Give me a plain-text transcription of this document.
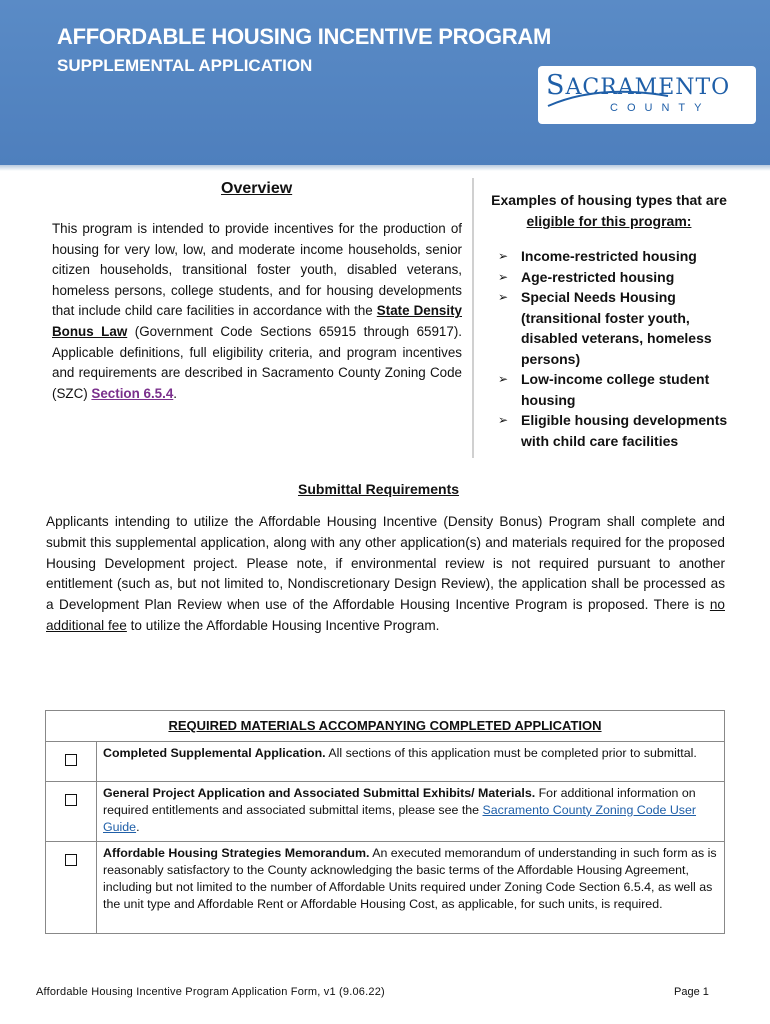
AFFORDABLE HOUSING INCENTIVE PROGRAM
SUPPLEMENTAL APPLICATION
SACRAMENTO
COUNTY
Overview
This program is intended to provide incentives for the production of housing for very low, low, and moderate income households, senior citizen households, transitional foster youth, disabled veterans, homeless persons, college students, and for housing developments that include child care facilities in accordance with the State Density Bonus Law (Government Code Sections 65915 through 65917). Applicable definitions, full eligibility criteria, and program incentives and requirements are described in Sacramento County Zoning Code (SZC) Section 6.5.4.
Examples of housing types that are
eligible for this program:
➢ Income-restricted housing
➢ Age-restricted housing
➢ Special Needs Housing (transitional foster youth, disabled veterans, homeless persons)
➢ Low-income college student housing
➢ Eligible housing developments with child care facilities
Submittal Requirements
Applicants intending to utilize the Affordable Housing Incentive (Density Bonus) Program shall complete and submit this supplemental application, along with any other application(s) and materials required for the proposed Housing Development project. Please note, if environmental review is not required pursuant to another entitlement (such as, but not limited to, Nondiscretionary Design Review), the application shall be processed as a Development Plan Review when use of the Affordable Housing Incentive Program is proposed. There is no additional fee to utilize the Affordable Housing Incentive Program.
REQUIRED MATERIALS ACCOMPANYING COMPLETED APPLICATION	
	Completed Supplemental Application. All sections of this application must be completed prior to submittal.
	General Project Application and Associated Submittal Exhibits/ Materials. For additional information on required entitlements and associated submittal items, please see the Sacramento County Zoning Code User Guide.
	Affordable Housing Strategies Memorandum. An executed memorandum of understanding in such form as is reasonably satisfactory to the County acknowledging the basic terms of the Affordable Housing Agreement, including but not limited to the number of Affordable Units required under Zoning Code Section 6.5.4, as well as the unit type and Affordable Rent or Affordable Housing Cost, as applicable, for such units, is required.
Affordable Housing Incentive Program Application Form, v1 (9.06.22)	Page 1
